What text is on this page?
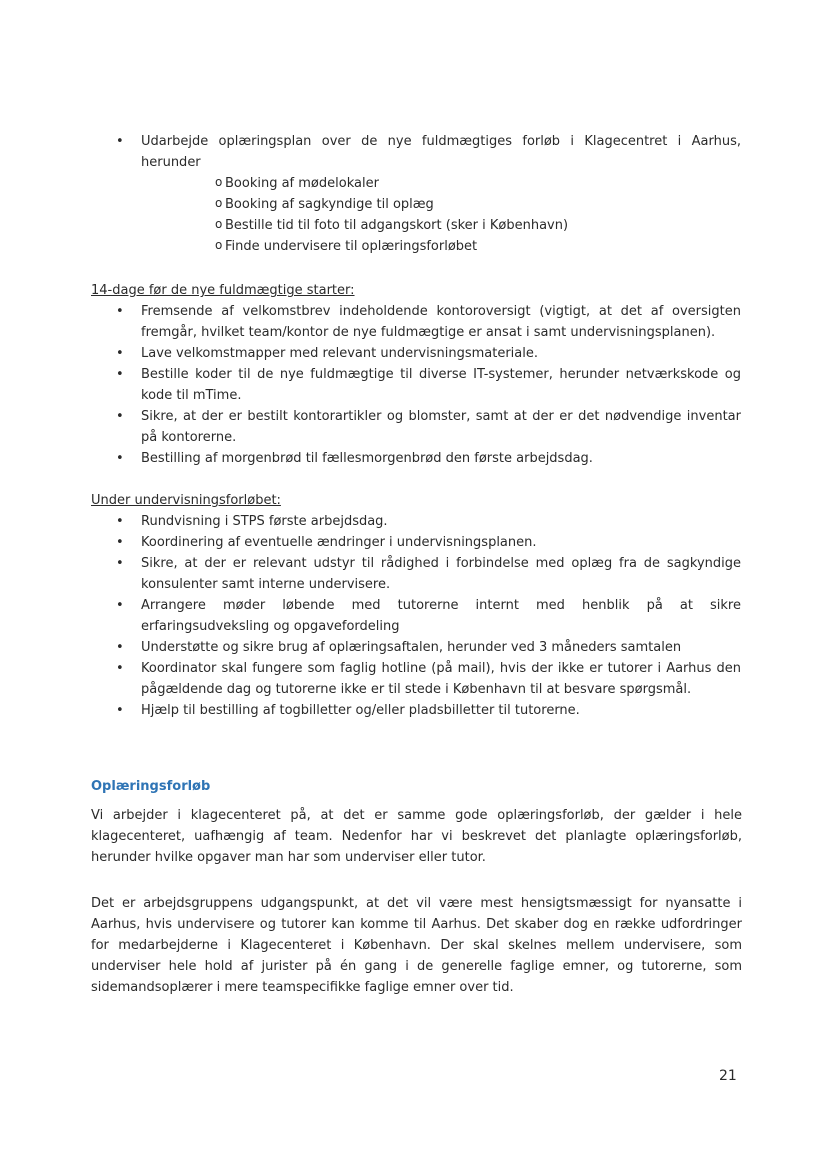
• Udarbejde oplæringsplan over de nye fuldmægtiges forløb i Klagecentret i Aarhus, herunder
o Booking af mødelokaler
o Booking af sagkyndige til oplæg
o Bestille tid til foto til adgangskort (sker i København)
o Finde undervisere til oplæringsforløbet
14-dage før de nye fuldmægtige starter:
• Fremsende af velkomstbrev indeholdende kontoroversigt (vigtigt, at det af oversigten fremgår, hvilket team/kontor de nye fuldmægtige er ansat i samt undervisningsplanen).
• Lave velkomstmapper med relevant undervisningsmateriale.
• Bestille koder til de nye fuldmægtige til diverse IT-systemer, herunder netværkskode og kode til mTime.
• Sikre, at der er bestilt kontorartikler og blomster, samt at der er det nødvendige inventar på kontorerne.
• Bestilling af morgenbrød til fællesmorgenbrød den første arbejdsdag.
Under undervisningsforløbet:
• Rundvisning i STPS første arbejdsdag.
• Koordinering af eventuelle ændringer i undervisningsplanen.
• Sikre, at der er relevant udstyr til rådighed i forbindelse med oplæg fra de sagkyndige konsulenter samt interne undervisere.
• Arrangere møder løbende med tutorerne internt med henblik på at sikre erfaringsudveksling og opgavefordeling
• Understøtte og sikre brug af oplæringsaftalen, herunder ved 3 måneders samtalen
• Koordinator skal fungere som faglig hotline (på mail), hvis der ikke er tutorer i Aarhus den pågældende dag og tutorerne ikke er til stede i København til at besvare spørgsmål.
• Hjælp til bestilling af togbilletter og/eller pladsbilletter til tutorerne.
Oplæringsforløb

Vi arbejder i klagecenteret på, at det er samme gode oplæringsforløb, der gælder i hele klagecenteret, uafhængig af team. Nedenfor har vi beskrevet det planlagte oplæringsforløb, herunder hvilke opgaver man har som underviser eller tutor.

Det er arbejdsgruppens udgangspunkt, at det vil være mest hensigtsmæssigt for nyansatte i Aarhus, hvis undervisere og tutorer kan komme til Aarhus. Det skaber dog en række udfordringer for medarbejderne i Klagecenteret i København. Der skal skelnes mellem undervisere, som underviser hele hold af jurister på én gang i de generelle faglige emner, og tutorerne, som sidemandsoplærer i mere teamspecifikke faglige emner over tid.

21
